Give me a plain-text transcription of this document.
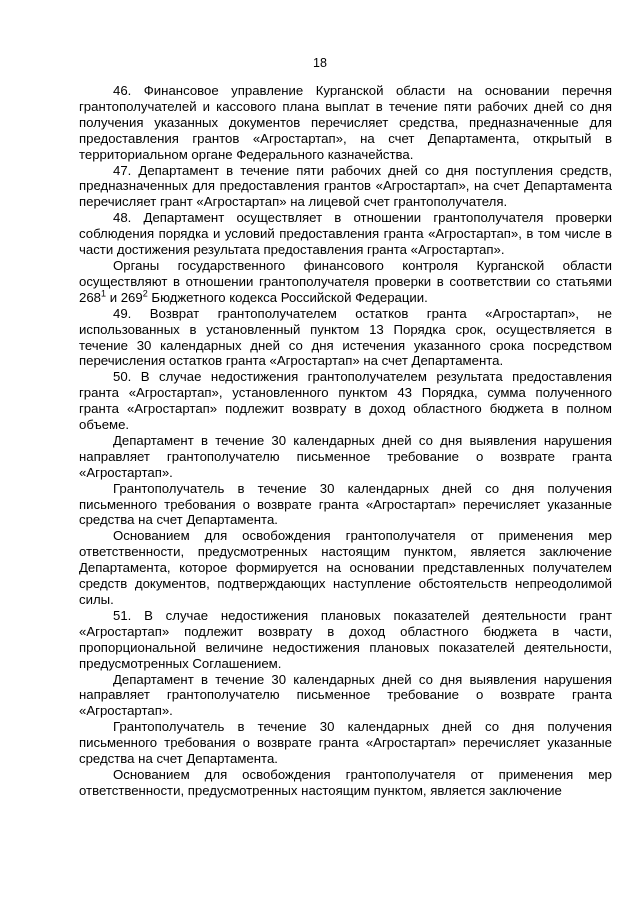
18

46. Финансовое управление Курганской области на основании перечня грантополучателей и кассового плана выплат в течение пяти рабочих дней со дня получения указанных документов перечисляет средства, предназначенные для предоставления грантов «Агростартап», на счет Департамента, открытый в территориальном органе Федерального казначейства.

47. Департамент в течение пяти рабочих дней со дня поступления средств, предназначенных для предоставления грантов «Агростартап», на счет Департамента перечисляет грант «Агростартап» на лицевой счет грантополучателя.

48. Департамент осуществляет в отношении грантополучателя проверки соблюдения порядка и условий предоставления гранта «Агростартап», в том числе в части достижения результата предоставления гранта «Агростартап».

Органы государственного финансового контроля Курганской области осуществляют в отношении грантополучателя проверки в соответствии со статьями $268^1$ и $269^2$ Бюджетного кодекса Российской Федерации.

49. Возврат грантополучателем остатков гранта «Агростартап», не использованных в установленный пунктом 13 Порядка срок, осуществляется в течение 30 календарных дней со дня истечения указанного срока посредством перечисления остатков гранта «Агростартап» на счет Департамента.

50. В случае недостижения грантополучателем результата предоставления гранта «Агростартап», установленного пунктом 43 Порядка, сумма полученного гранта «Агростартап» подлежит возврату в доход областного бюджета в полном объеме.

Департамент в течение 30 календарных дней со дня выявления нарушения направляет грантополучателю письменное требование о возврате гранта «Агростартап».

Грантополучатель в течение 30 календарных дней со дня получения письменного требования о возврате гранта «Агростартап» перечисляет указанные средства на счет Департамента.

Основанием для освобождения грантополучателя от применения мер ответственности, предусмотренных настоящим пунктом, является заключение Департамента, которое формируется на основании представленных получателем средств документов, подтверждающих наступление обстоятельств непреодолимой силы.

51. В случае недостижения плановых показателей деятельности грант «Агростартап» подлежит возврату в доход областного бюджета в части, пропорциональной величине недостижения плановых показателей деятельности, предусмотренных Соглашением.

Департамент в течение 30 календарных дней со дня выявления нарушения направляет грантополучателю письменное требование о возврате гранта «Агростартап».

Грантополучатель в течение 30 календарных дней со дня получения письменного требования о возврате гранта «Агростартап» перечисляет указанные средства на счет Департамента.

Основанием для освобождения грантополучателя от применения мер ответственности, предусмотренных настоящим пунктом, является заключение
